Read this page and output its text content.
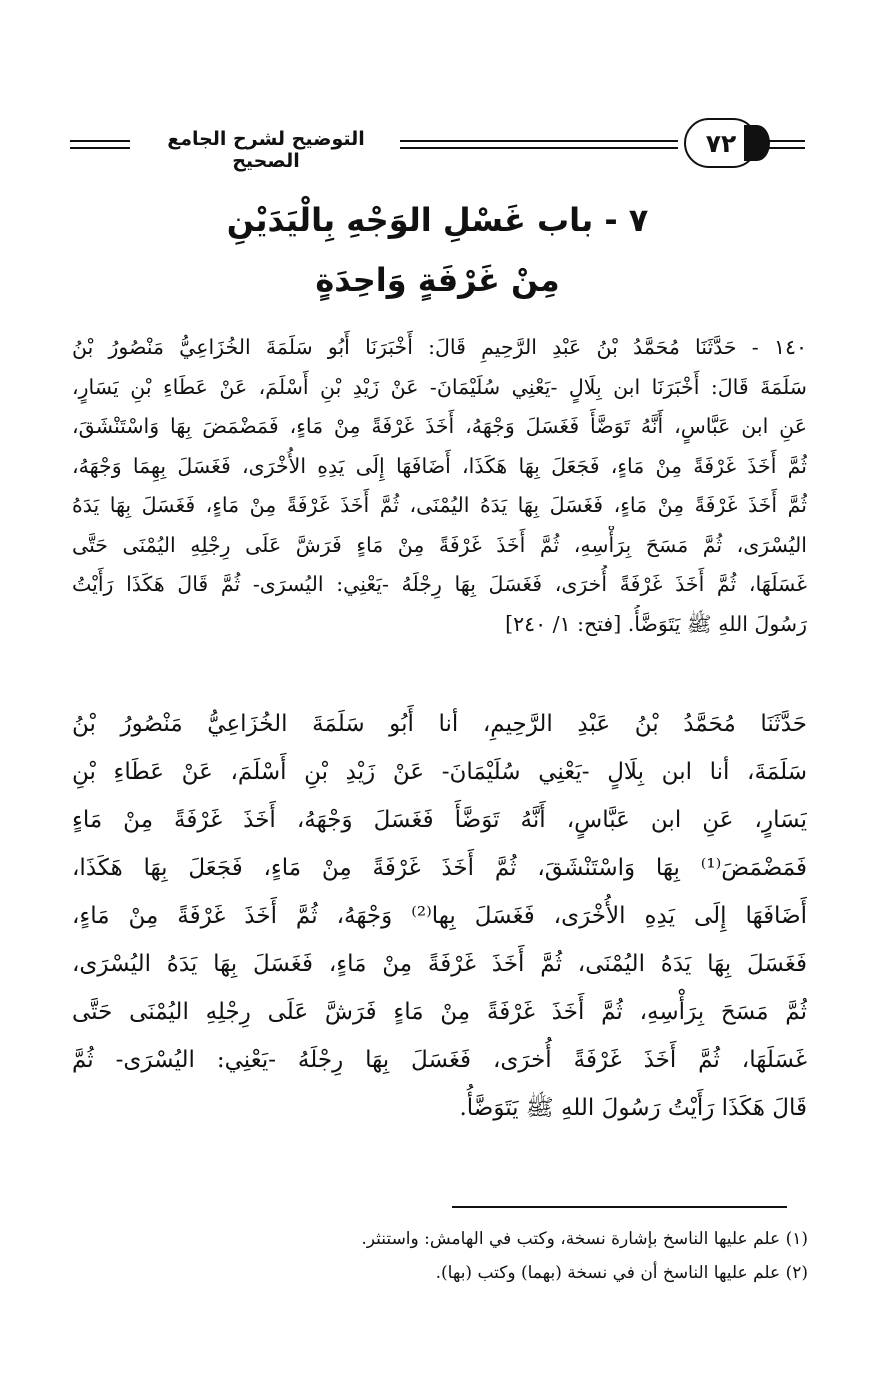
التوضيح لشرح الجامع الصحيح
٧٢
٧ - باب غَسْلِ الوَجْهِ بِالْيَدَيْنِ
مِنْ غَرْفَةٍ وَاحِدَةٍ
١٤٠ - حَدَّثَنَا مُحَمَّدُ بْنُ عَبْدِ الرَّحِيمِ قَالَ: أَخْبَرَنَا أَبُو سَلَمَةَ الخُزَاعِيُّ مَنْصُورُ بْنُ
سَلَمَةَ قَالَ: أَخْبَرَنَا ابن بِلَالٍ -يَعْنِي سُلَيْمَانَ- عَنْ زَيْدِ بْنِ أَسْلَمَ، عَنْ عَطَاءِ بْنِ يَسَارٍ،
عَنِ ابن عَبَّاسٍ، أَنَّهُ تَوَضَّأَ فَغَسَلَ وَجْهَهُ، أَخَذَ غَرْفَةً مِنْ مَاءٍ، فَمَضْمَضَ بِهَا وَاسْتَنْشَقَ،
ثُمَّ أَخَذَ غَرْفَةً مِنْ مَاءٍ، فَجَعَلَ بِهَا هَكَذَا، أَضَافَهَا إِلَى يَدِهِ الأُخْرَى، فَغَسَلَ بِهِمَا وَجْهَهُ،
ثُمَّ أَخَذَ غَرْفَةً مِنْ مَاءٍ، فَغَسَلَ بِهَا يَدَهُ اليُمْنَى، ثُمَّ أَخَذَ غَرْفَةً مِنْ مَاءٍ، فَغَسَلَ بِهَا يَدَهُ
اليُسْرَى، ثُمَّ مَسَحَ بِرَأْسِهِ، ثُمَّ أَخَذَ غَرْفَةً مِنْ مَاءٍ فَرَشَّ عَلَى رِجْلِهِ اليُمْنَى حَتَّى
غَسَلَهَا، ثُمَّ أَخَذَ غَرْفَةً أُخرَى، فَغَسَلَ بِهَا رِجْلَهُ -يَعْنِي: اليُسرَى- ثُمَّ قَالَ هَكَذَا رَأَيْتُ
رَسُولَ اللهِ ﷺ يَتَوَضَّأُ. [فتح: ١/ ٢٤٠]
حَدَّثَنَا مُحَمَّدُ بْنُ عَبْدِ الرَّحِيمِ، أنا أَبُو سَلَمَةَ الخُزَاعِيُّ مَنْصُورُ بْنُ
سَلَمَةَ، أنا ابن بِلَالٍ -يَعْنِي سُلَيْمَانَ- عَنْ زَيْدِ بْنِ أَسْلَمَ، عَنْ عَطَاءِ بْنِ
يَسَارٍ، عَنِ ابن عَبَّاسٍ، أَنَّهُ تَوَضَّأَ فَغَسَلَ وَجْهَهُ، أَخَذَ غَرْفَةً مِنْ مَاءٍ
فَمَضْمَضَ⁽¹⁾ بِهَا وَاسْتَنْشَقَ، ثُمَّ أَخَذَ غَرْفَةً مِنْ مَاءٍ، فَجَعَلَ بِهَا هَكَذَا،
أَضَافَهَا إِلَى يَدِهِ الأُخْرَى، فَغَسَلَ بِها⁽²⁾ وَجْهَهُ، ثُمَّ أَخَذَ غَرْفَةً مِنْ مَاءٍ،
فَغَسَلَ بِهَا يَدَهُ اليُمْنَى، ثُمَّ أَخَذَ غَرْفَةً مِنْ مَاءٍ، فَغَسَلَ بِهَا يَدَهُ اليُسْرَى،
ثُمَّ مَسَحَ بِرَأْسِهِ، ثُمَّ أَخَذَ غَرْفَةً مِنْ مَاءٍ فَرَشَّ عَلَى رِجْلِهِ اليُمْنَى حَتَّى
غَسَلَهَا، ثُمَّ أَخَذَ غَرْفَةً أُخرَى، فَغَسَلَ بِهَا رِجْلَهُ -يَعْنِي: اليُسْرَى- ثُمَّ
قَالَ هَكَذَا رَأَيْتُ رَسُولَ اللهِ ﷺ يَتَوَضَّأُ.
(١) علم عليها الناسخ بإشارة نسخة، وكتب في الهامش: واستنثر.
(٢) علم عليها الناسخ أن في نسخة (بهما) وكتب (بها).
